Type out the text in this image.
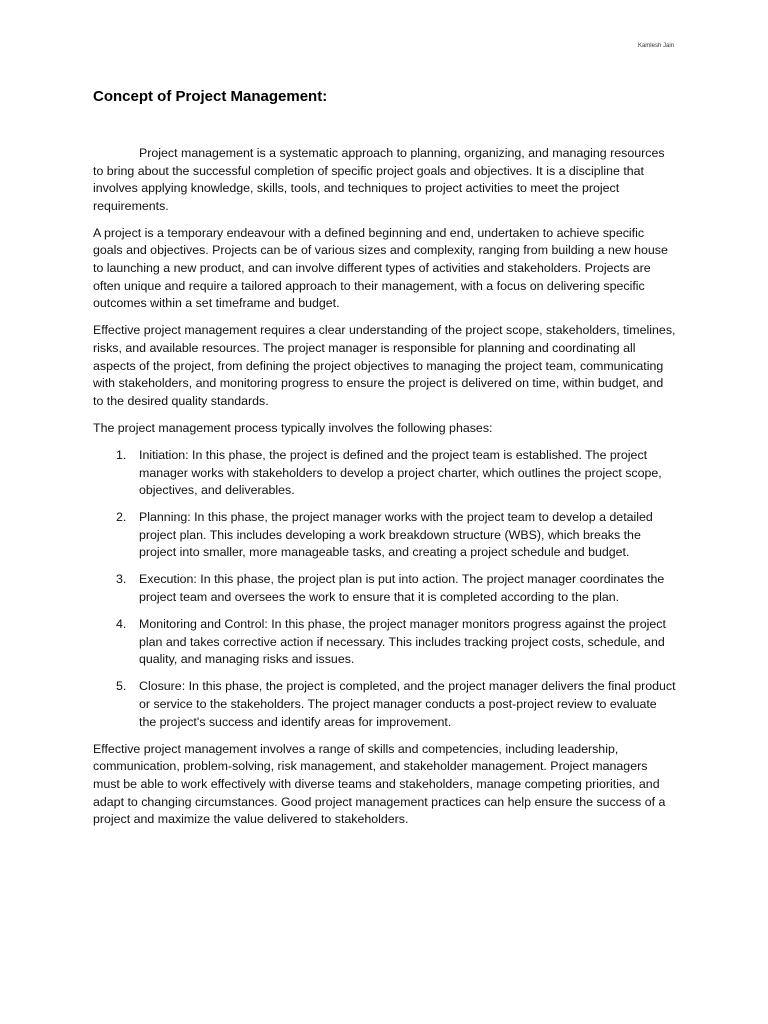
Kamlesh Jain
Concept of Project Management:

Project management is a systematic approach to planning, organizing, and managing resources to bring about the successful completion of specific project goals and objectives. It is a discipline that involves applying knowledge, skills, tools, and techniques to project activities to meet the project requirements.

A project is a temporary endeavour with a defined beginning and end, undertaken to achieve specific goals and objectives. Projects can be of various sizes and complexity, ranging from building a new house to launching a new product, and can involve different types of activities and stakeholders. Projects are often unique and require a tailored approach to their management, with a focus on delivering specific outcomes within a set timeframe and budget.

Effective project management requires a clear understanding of the project scope, stakeholders, timelines, risks, and available resources. The project manager is responsible for planning and coordinating all aspects of the project, from defining the project objectives to managing the project team, communicating with stakeholders, and monitoring progress to ensure the project is delivered on time, within budget, and to the desired quality standards.

The project management process typically involves the following phases:

1. Initiation: In this phase, the project is defined and the project team is established. The project manager works with stakeholders to develop a project charter, which outlines the project scope, objectives, and deliverables.
2. Planning: In this phase, the project manager works with the project team to develop a detailed project plan. This includes developing a work breakdown structure (WBS), which breaks the project into smaller, more manageable tasks, and creating a project schedule and budget.
3. Execution: In this phase, the project plan is put into action. The project manager coordinates the project team and oversees the work to ensure that it is completed according to the plan.
4. Monitoring and Control: In this phase, the project manager monitors progress against the project plan and takes corrective action if necessary. This includes tracking project costs, schedule, and quality, and managing risks and issues.
5. Closure: In this phase, the project is completed, and the project manager delivers the final product or service to the stakeholders. The project manager conducts a post-project review to evaluate the project's success and identify areas for improvement.

Effective project management involves a range of skills and competencies, including leadership, communication, problem-solving, risk management, and stakeholder management. Project managers must be able to work effectively with diverse teams and stakeholders, manage competing priorities, and adapt to changing circumstances. Good project management practices can help ensure the success of a project and maximize the value delivered to stakeholders.
